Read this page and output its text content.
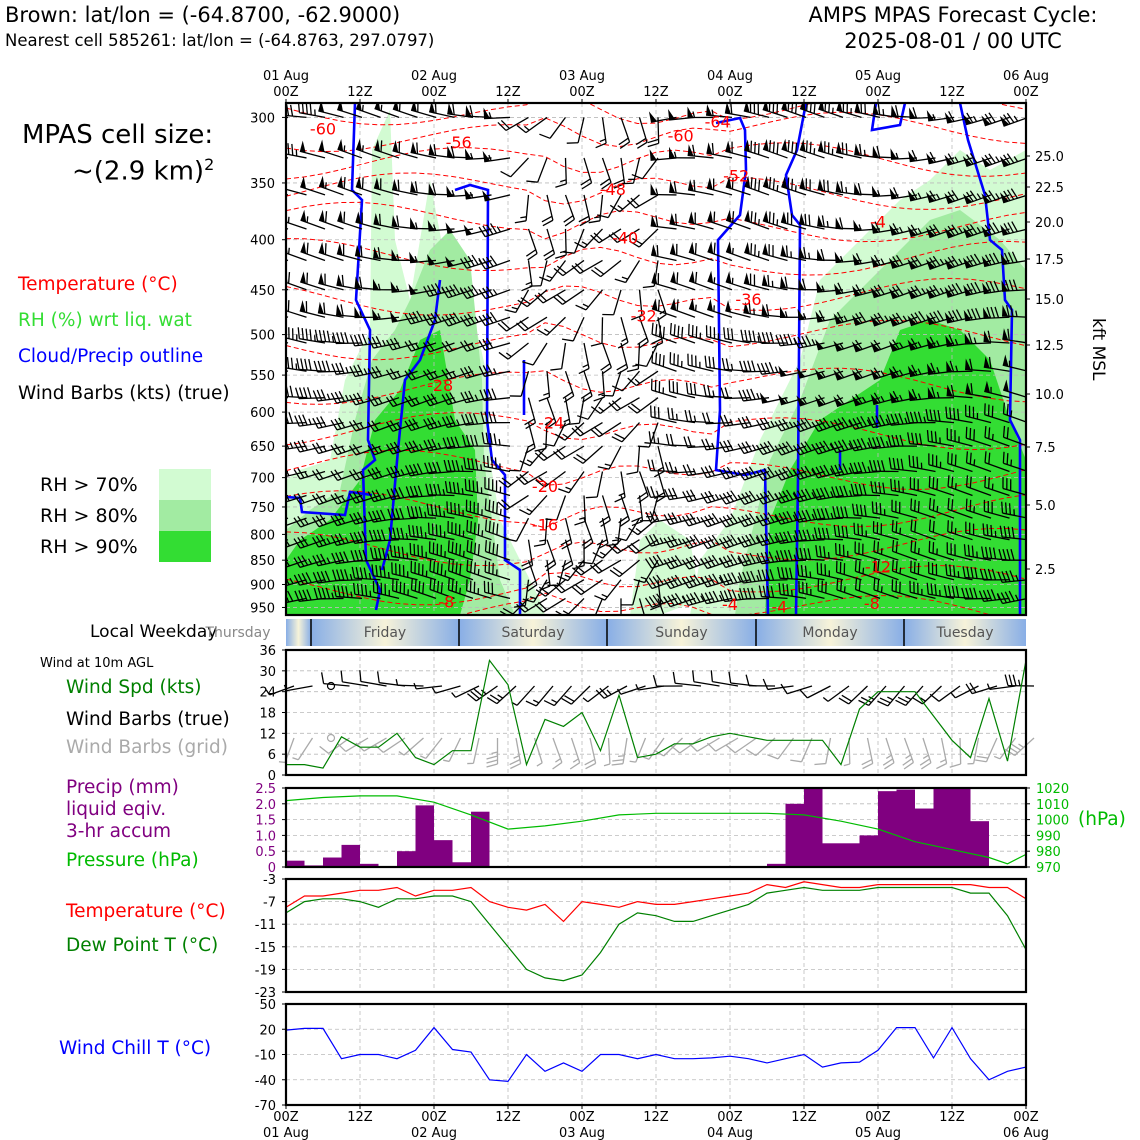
Brown: lat/lon = (-64.8700, -62.9000)
Nearest cell 585261: lat/lon = (-64.8763, 297.0797)
AMPS MPAS Forecast Cycle:
2025-08-01 / 00 UTC
MPAS cell size:
~(2.9 km)$^2$
Temperature (°C)
RH (%) wrt liq. wat
Cloud/Precip outline
Wind Barbs (kts) (true)
RH > 70%
RH > 80%
RH > 90%
Local Weekday
Wind at 10m AGL
Wind Spd (kts)
Wind Barbs (true)
Wind Barbs (grid)
Precip (mm)
liquid eqiv.
3-hr accum
Pressure (hPa)
(hPa)
Temperature (°C)
Dew Point T (°C)
Wind Chill T (°C)
kft MSL
-60
-56	-60
-64
-52
-48
-40
-36
-32
-28
-24
-20
-16
-8	-4 -4
-12
-8
-4
300
350
400
450
500
550
600
650
700
750
800
850
900
950
25.0
22.5
20.0
17.5
15.0
12.5
10.0
7.5
5.0
2.5
01 Aug
00Z	12Z
02 Aug
00Z	12Z
03 Aug
00Z	12Z
04 Aug
00Z	12Z
05 Aug
00Z	12Z
06 Aug
00Z
Thursday	Friday	Saturday	Sunday	Monday	Tuesday
0
6
12
18
24
30
36
0
0.5
1.0
1.5
2.0
2.5
970
980
990
1000
1010
1020
-3
-7
-11
-15
-19
-23
50
20
-10
-40
-70
00Z
01 Aug
12Z	00Z
02 Aug
12Z	00Z
03 Aug
12Z	00Z
04 Aug
12Z	00Z
05 Aug
12Z	00Z
06 Aug
